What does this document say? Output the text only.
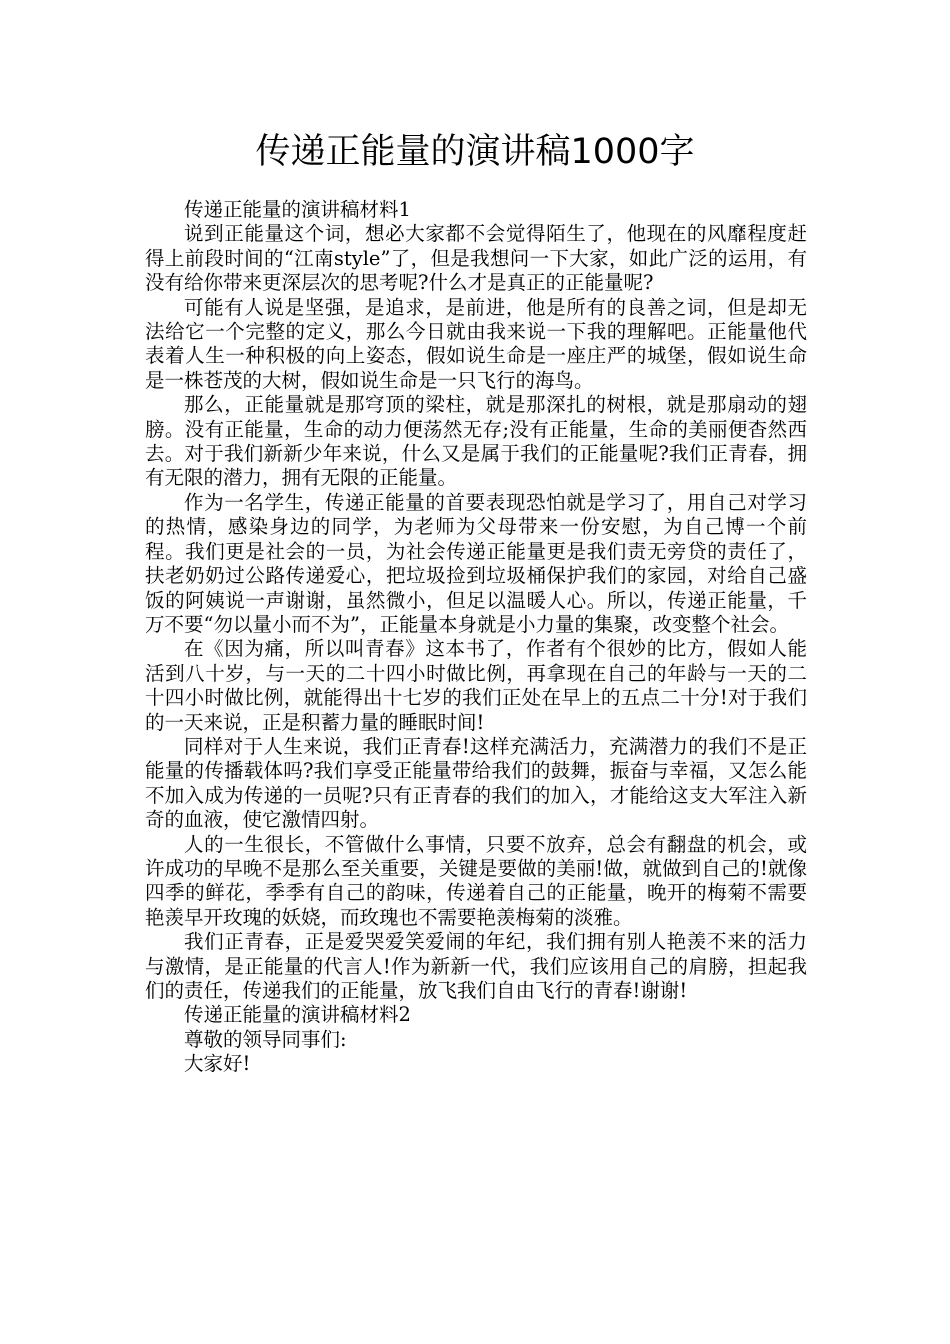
传递正能量的演讲稿1000字

传递正能量的演讲稿材料1

说到正能量这个词，想必大家都不会觉得陌生了，他现在的风靡程度赶得上前段时间的“江南style”了，但是我想问一下大家，如此广泛的运用，有没有给你带来更深层次的思考呢?什么才是真正的正能量呢?

可能有人说是坚强，是追求，是前进，他是所有的良善之词，但是却无法给它一个完整的定义，那么今日就由我来说一下我的理解吧。正能量他代表着人生一种积极的向上姿态，假如说生命是一座庄严的城堡，假如说生命是一株苍茂的大树，假如说生命是一只飞行的海鸟。

那么，正能量就是那穹顶的梁柱，就是那深扎的树根，就是那扇动的翅膀。没有正能量，生命的动力便荡然无存;没有正能量，生命的美丽便杳然西去。对于我们新新少年来说，什么又是属于我们的正能量呢?我们正青春，拥有无限的潜力，拥有无限的正能量。

作为一名学生，传递正能量的首要表现恐怕就是学习了，用自己对学习的热情，感染身边的同学，为老师为父母带来一份安慰，为自己博一个前程。我们更是社会的一员，为社会传递正能量更是我们责无旁贷的责任了，扶老奶奶过公路传递爱心，把垃圾捡到垃圾桶保护我们的家园，对给自己盛饭的阿姨说一声谢谢，虽然微小，但足以温暖人心。所以，传递正能量，千万不要“勿以量小而不为”，正能量本身就是小力量的集聚，改变整个社会。

在《因为痛，所以叫青春》这本书了，作者有个很妙的比方，假如人能活到八十岁，与一天的二十四小时做比例，再拿现在自己的年龄与一天的二十四小时做比例，就能得出十七岁的我们正处在早上的五点二十分!对于我们的一天来说，正是积蓄力量的睡眠时间!

同样对于人生来说，我们正青春!这样充满活力，充满潜力的我们不是正能量的传播载体吗?我们享受正能量带给我们的鼓舞，振奋与幸福，又怎么能不加入成为传递的一员呢?只有正青春的我们的加入，才能给这支大军注入新奇的血液，使它激情四射。

人的一生很长，不管做什么事情，只要不放弃，总会有翻盘的机会，或许成功的早晚不是那么至关重要，关键是要做的美丽!做，就做到自己的!就像四季的鲜花，季季有自己的韵味，传递着自己的正能量，晚开的梅菊不需要艳羡早开玫瑰的妖娆，而玫瑰也不需要艳羡梅菊的淡雅。

我们正青春，正是爱哭爱笑爱闹的年纪，我们拥有别人艳羡不来的活力与激情，是正能量的代言人!作为新新一代，我们应该用自己的肩膀，担起我们的责任，传递我们的正能量，放飞我们自由飞行的青春!谢谢!

传递正能量的演讲稿材料2

尊敬的领导同事们:

大家好!
